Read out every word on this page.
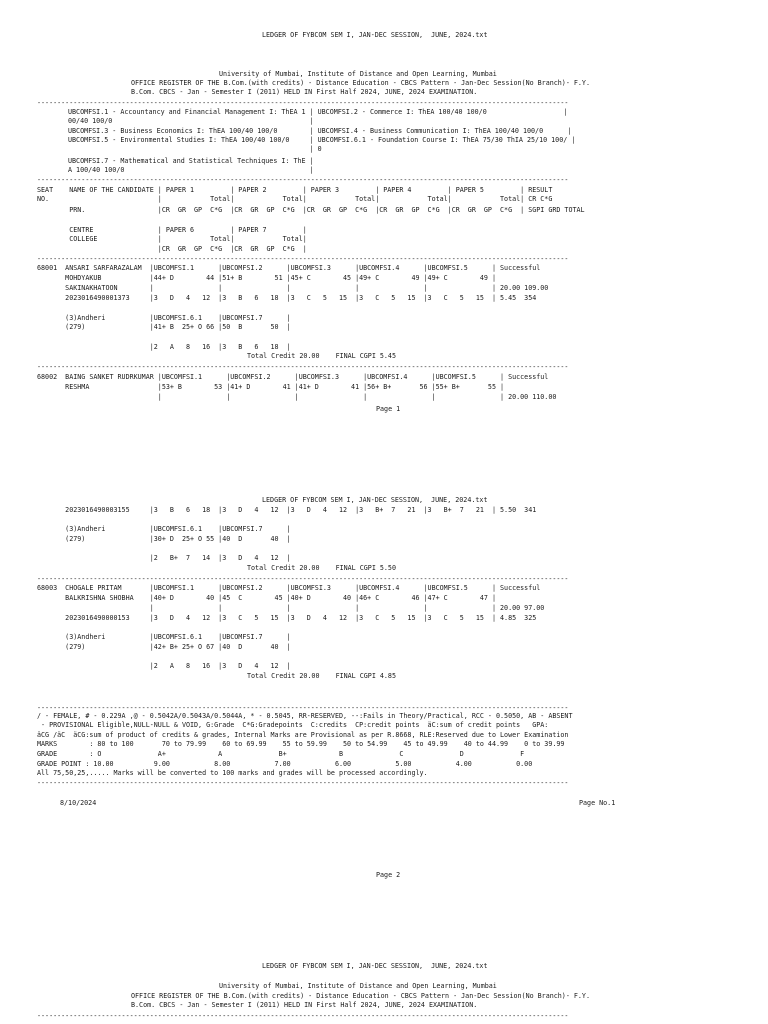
LEDGER OF FYBCOM SEM I, JAN-DEC SESSION,  JUNE, 2024.txt
University of Mumbai, Institute of Distance and Open Learning, Mumbai
OFFICE REGISTER OF THE B.Com.(with credits) - Distance Education - CBCS Pattern - Jan-Dec Session(No Branch)- F.Y.
B.Com. CBCS - Jan - Semester I (2011) HELD IN First Half 2024, JUNE, 2024 EXAMINATION.
------------------------------------------------------------------------------------------------------------------------------------
UBCOMFSI.1 - Accountancy and Financial Management I: ThEA 1 | UBCOMFSI.2 - Commerce I: ThEA 100/40 100/0                   |
00/40 100/0                                                 |
UBCOMFSI.3 - Business Economics I: ThEA 100/40 100/0        | UBCOMFSI.4 - Business Communication I: ThEA 100/40 100/0      |
UBCOMFSI.5 - Environmental Studies I: ThEA 100/40 100/0     | UBCOMFSI.6.1 - Foundation Course I: ThEA 75/30 ThIA 25/10 100/ |
| 0
UBCOMFSI.7 - Mathematical and Statistical Techniques I: ThE |
A 100/40 100/0                                              |
------------------------------------------------------------------------------------------------------------------------------------
SEAT    NAME OF THE CANDIDATE | PAPER 1         | PAPER 2         | PAPER 3         | PAPER 4         | PAPER 5         | RESULT
NO.                           |            Total|            Total|            Total|            Total|            Total| CR C*G
PRN.                  |CR  GR  GP  C*G  |CR  GR  GP  C*G  |CR  GR  GP  C*G  |CR  GR  GP  C*G  |CR  GR  GP  C*G  | SGPI GRD TOTAL
CENTRE                | PAPER 6         | PAPER 7         |
COLLEGE               |            Total|            Total|
|CR  GR  GP  C*G  |CR  GR  GP  C*G  |
------------------------------------------------------------------------------------------------------------------------------------
68001  ANSARI SARFARAZALAM  |UBCOMFSI.1      |UBCOMFSI.2      |UBCOMFSI.3      |UBCOMFSI.4      |UBCOMFSI.5      | Successful
MOHDYAKUB            |44+ D        44 |51+ B        51 |45+ C        45 |49+ C        49 |49+ C        49 |
SAKINAKHATOON        |                |                |                |                |                | 20.00 109.00
2023016490001373     |3   D   4   12  |3   B   6   18  |3   C   5   15  |3   C   5   15  |3   C   5   15  | 5.45  354
(3)Andheri           |UBCOMFSI.6.1    |UBCOMFSI.7      |
(279)                |41+ B  25+ O 66 |50  B       50  |
|2   A   8   16  |3   B   6   18  |
Total Credit 20.00    FINAL CGPI 5.45
------------------------------------------------------------------------------------------------------------------------------------
68002  BAING SANKET RUDRKUMAR |UBCOMFSI.1      |UBCOMFSI.2      |UBCOMFSI.3      |UBCOMFSI.4      |UBCOMFSI.5      | Successful
RESHMA                 |53+ B        53 |41+ D        41 |41+ D        41 |56+ B+       56 |55+ B+       55 |
|                |                |                |                |                | 20.00 110.00
Page 1
LEDGER OF FYBCOM SEM I, JAN-DEC SESSION,  JUNE, 2024.txt
2023016490003155     |3   B   6   18  |3   D   4   12  |3   D   4   12  |3   B+  7   21  |3   B+  7   21  | 5.50  341
(3)Andheri           |UBCOMFSI.6.1    |UBCOMFSI.7      |
(279)                |30+ D  25+ O 55 |40  D       40  |
|2   B+  7   14  |3   D   4   12  |
Total Credit 20.00    FINAL CGPI 5.50
------------------------------------------------------------------------------------------------------------------------------------
68003  CHOGALE PRITAM       |UBCOMFSI.1      |UBCOMFSI.2      |UBCOMFSI.3      |UBCOMFSI.4      |UBCOMFSI.5      | Successful
BALKRISHNA SHOBHA    |40+ D        40 |45  C        45 |40+ D        40 |46+ C        46 |47+ C        47 |
|                |                |                |                |                | 20.00 97.00
2023016490000153     |3   D   4   12  |3   C   5   15  |3   D   4   12  |3   C   5   15  |3   C   5   15  | 4.85  325
(3)Andheri           |UBCOMFSI.6.1    |UBCOMFSI.7      |
(279)                |42+ B+ 25+ O 67 |40  D       40  |
|2   A   8   16  |3   D   4   12  |
Total Credit 20.00    FINAL CGPI 4.85
------------------------------------------------------------------------------------------------------------------------------------
/ - FEMALE, # - 0.229A ,@ - 0.5042A/0.5043A/0.5044A, * - 0.5045, RR-RESERVED, --:Fails in Theory/Practical, RCC - 0.5050, AB - ABSENT
- PROVISIONAL Eligible,NULL-NULL & VOID, G:Grade  C*G:Gradepoints  C:credits  CP:credit points  äC:sum of credit points   GPA:
äCG /äC  äCG:sum of product of credits & grades, Internal Marks are Provisional as per R.8668, RLE:Reserved due to Lower Examination
MARKS        : 80 to 100       70 to 79.99    60 to 69.99    55 to 59.99    50 to 54.99    45 to 49.99    40 to 44.99    0 to 39.99
GRADE        : O              A+             A              B+             B              C              D              F
GRADE POINT : 10.00          9.00           8.00           7.00           6.00           5.00           4.00           0.00
All 75,50,25,..... Marks will be converted to 100 marks and grades will be processed accordingly.
------------------------------------------------------------------------------------------------------------------------------------
8/10/2024	Page No.1
Page 2
LEDGER OF FYBCOM SEM I, JAN-DEC SESSION,  JUNE, 2024.txt
University of Mumbai, Institute of Distance and Open Learning, Mumbai
OFFICE REGISTER OF THE B.Com.(with credits) - Distance Education - CBCS Pattern - Jan-Dec Session(No Branch)- F.Y.
B.Com. CBCS - Jan - Semester I (2011) HELD IN First Half 2024, JUNE, 2024 EXAMINATION.
------------------------------------------------------------------------------------------------------------------------------------
